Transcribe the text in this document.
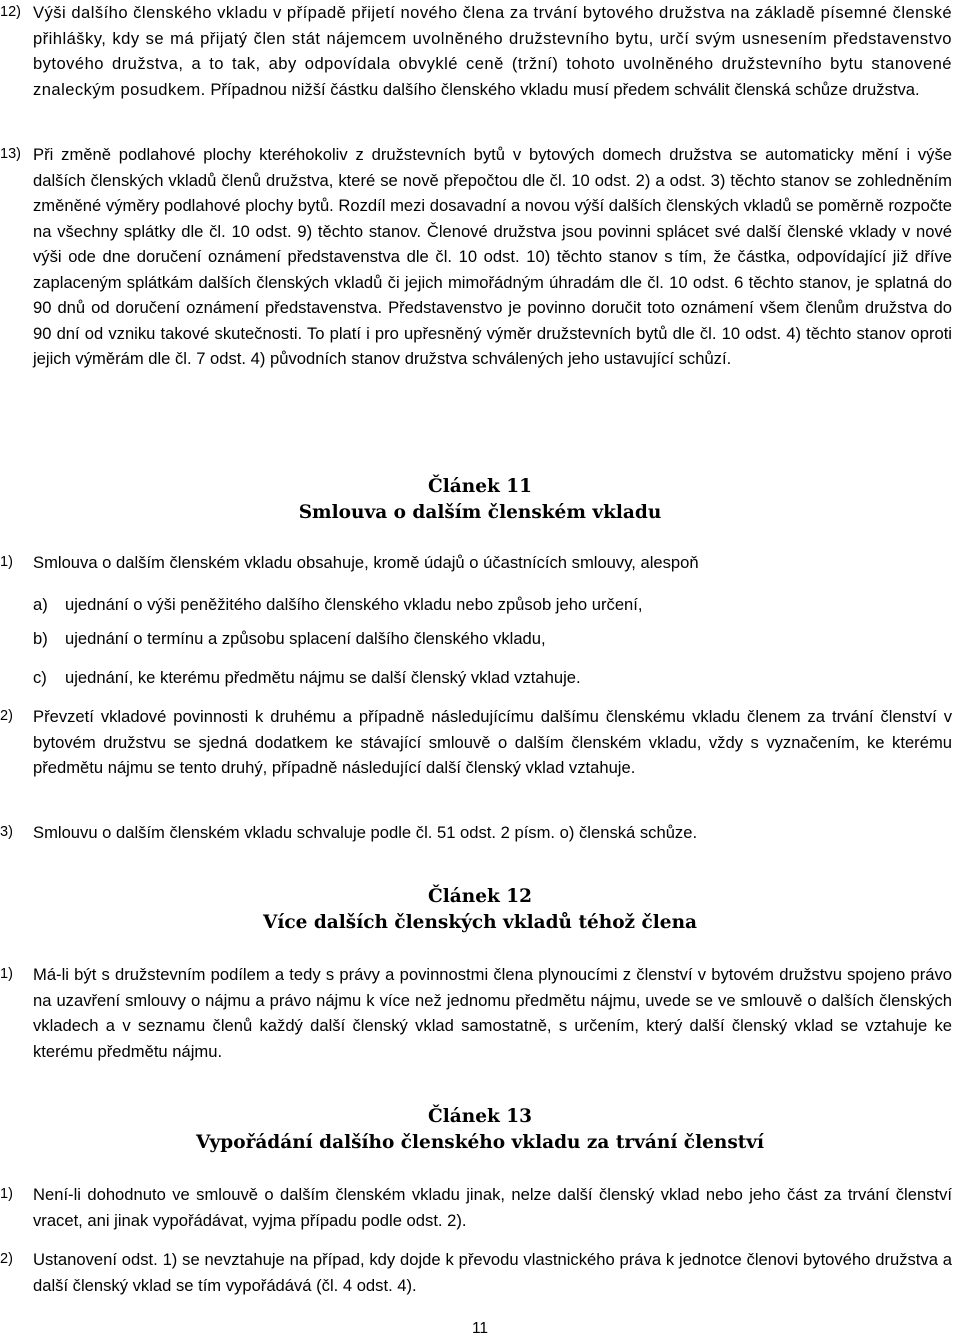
12) Výši dalšího členského vkladu v případě přijetí nového člena za trvání bytového družstva na základě písemné členské přihlášky, kdy se má přijatý člen stát nájemcem uvolněného družstevního bytu, určí svým usnesením představenstvo bytového družstva, a to tak, aby odpovídala obvyklé ceně (tržní) tohoto uvolněného družstevního bytu stanovené znaleckým posudkem. Případnou nižší částku dalšího členského vkladu musí předem schválit členská schůze družstva.
13) Při změně podlahové plochy kteréhokoliv z družstevních bytů v bytových domech družstva se automaticky mění i výše dalších členských vkladů členů družstva, které se nově přepočtou dle čl. 10 odst. 2) a odst. 3) těchto stanov se zohledněním změněné výměry podlahové plochy bytů. Rozdíl mezi dosavadní a novou výší dalších členských vkladů se poměrně rozpočte na všechny splátky dle čl. 10 odst. 9) těchto stanov. Členové družstva jsou povinni splácet své další členské vklady v nové výši ode dne doručení oznámení představenstva dle čl. 10 odst. 10) těchto stanov s tím, že částka, odpovídající již dříve zaplaceným splátkám dalších členských vkladů či jejich mimořádným úhradám dle čl. 10 odst. 6 těchto stanov, je splatná do 90 dnů od doručení oznámení představenstva. Představenstvo je povinno doručit toto oznámení všem členům družstva do 90 dní od vzniku takové skutečnosti. To platí i pro upřesněný výměr družstevních bytů dle čl. 10 odst. 4) těchto stanov oproti jejich výměrám dle čl. 7 odst. 4) původních stanov družstva schválených jeho ustavující schůzí.
Článek 11
Smlouva o dalším členském vkladu
1) Smlouva o dalším členském vkladu obsahuje, kromě údajů o účastnících smlouvy, alespoň
a) ujednání o výši peněžitého dalšího členského vkladu nebo způsob jeho určení,
b) ujednání o termínu a způsobu splacení dalšího členského vkladu,
c) ujednání, ke kterému předmětu nájmu se další členský vklad vztahuje.
2) Převzetí vkladové povinnosti k druhému a případně následujícímu dalšímu členskému vkladu členem za trvání členství v bytovém družstvu se sjedná dodatkem ke stávající smlouvě o dalším členském vkladu, vždy s vyznačením, ke kterému předmětu nájmu se tento druhý, případně následující další členský vklad vztahuje.
3) Smlouvu o dalším členském vkladu schvaluje podle čl. 51 odst. 2 písm. o) členská schůze.
Článek 12
Více dalších členských vkladů téhož člena
1) Má-li být s družstevním podílem a tedy s právy a povinnostmi člena plynoucími z členství v bytovém družstvu spojeno právo na uzavření smlouvy o nájmu a právo nájmu k více než jednomu předmětu nájmu, uvede se ve smlouvě o dalších členských vkladech a v seznamu členů každý další členský vklad samostatně, s určením, který další členský vklad se vztahuje ke kterému předmětu nájmu.
Článek 13
Vypořádání dalšího členského vkladu za trvání členství
1) Není-li dohodnuto ve smlouvě o dalším členském vkladu jinak, nelze další členský vklad nebo jeho část za trvání členství vracet, ani jinak vypořádávat, vyjma případu podle odst. 2).
2) Ustanovení odst. 1) se nevztahuje na případ, kdy dojde k převodu vlastnického práva k jednotce členovi bytového družstva a další členský vklad se tím vypořádává (čl. 4 odst. 4).
11
